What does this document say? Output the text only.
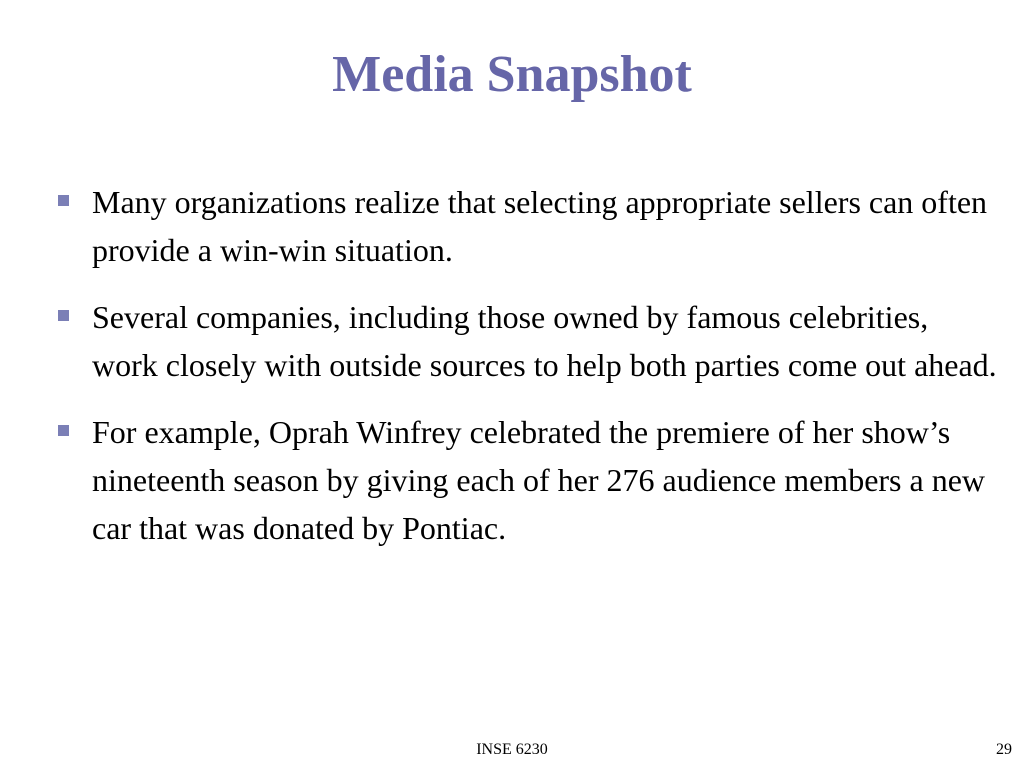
Media Snapshot
Many organizations realize that selecting appropriate sellers can often provide a win-win situation.
Several companies, including those owned by famous celebrities, work closely with outside sources to help both parties come out ahead.
For example, Oprah Winfrey celebrated the premiere of her show’s nineteenth season by giving each of her 276 audience members a new car that was donated by Pontiac.
INSE 6230	29
